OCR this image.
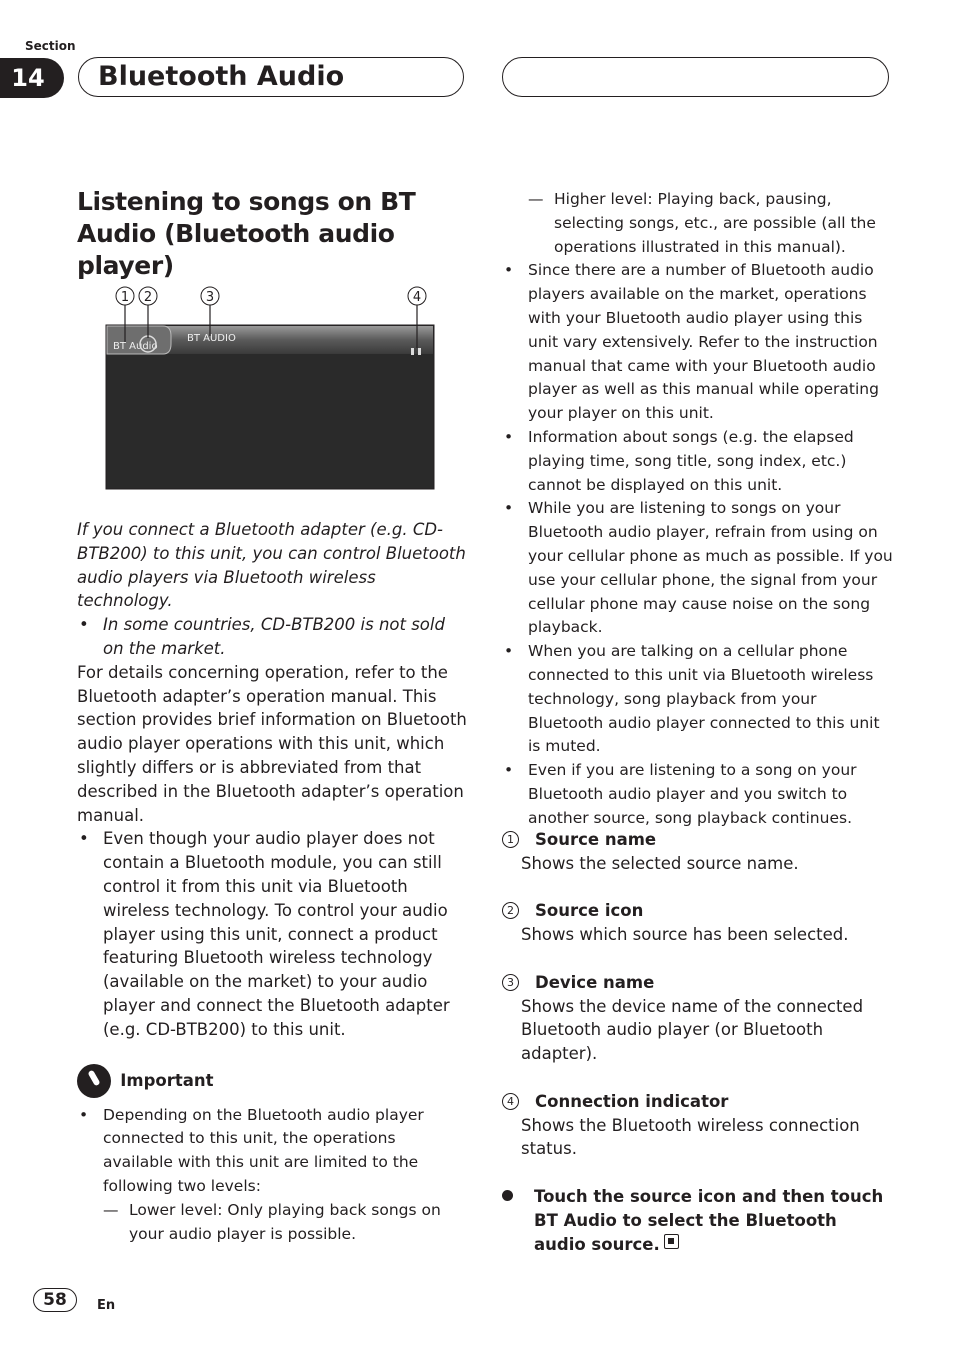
Section
14	Bluetooth Audio
Listening to songs on BT Audio (Bluetooth audio player)
1 2	3	4
BT Audio
BT AUDIO

If you connect a Bluetooth adapter (e.g. CD-BTB200) to this unit, you can control Bluetooth audio players via Bluetooth wireless technology.

• In some countries, CD-BTB200 is not sold on the market.

For details concerning operation, refer to the Bluetooth adapter’s operation manual. This section provides brief information on Bluetooth audio player operations with this unit, which slightly differs or is abbreviated from that described in the Bluetooth adapter’s operation manual.

• Even though your audio player does not contain a Bluetooth module, you can still control it from this unit via Bluetooth wireless technology. To control your audio player using this unit, connect a product featuring Bluetooth wireless technology (available on the market) to your audio player and connect the Bluetooth adapter (e.g. CD-BTB200) to this unit.

Important

• Depending on the Bluetooth audio player connected to this unit, the operations available with this unit are limited to the following two levels:

— Lower level: Only playing back songs on your audio player is possible.

— Higher level: Playing back, pausing, selecting songs, etc., are possible (all the operations illustrated in this manual).

• Since there are a number of Bluetooth audio players available on the market, operations with your Bluetooth audio player using this unit vary extensively. Refer to the instruction manual that came with your Bluetooth audio player as well as this manual while operating your player on this unit.

• Information about songs (e.g. the elapsed playing time, song title, song index, etc.) cannot be displayed on this unit.

• While you are listening to songs on your Bluetooth audio player, refrain from using on your cellular phone as much as possible. If you use your cellular phone, the signal from your cellular phone may cause noise on the song playback.

• When you are talking on a cellular phone connected to this unit via Bluetooth wireless technology, song playback from your Bluetooth audio player connected to this unit is muted.

• Even if you are listening to a song on your Bluetooth audio player and you switch to another source, song playback continues.

1 Source name

Shows the selected source name.

2 Source icon

Shows which source has been selected.

3 Device name

Shows the device name of the connected Bluetooth audio player (or Bluetooth adapter).

4 Connection indicator

Shows the Bluetooth wireless connection status.

Touch the source icon and then touch BT Audio to select the Bluetooth audio source.

58	En
